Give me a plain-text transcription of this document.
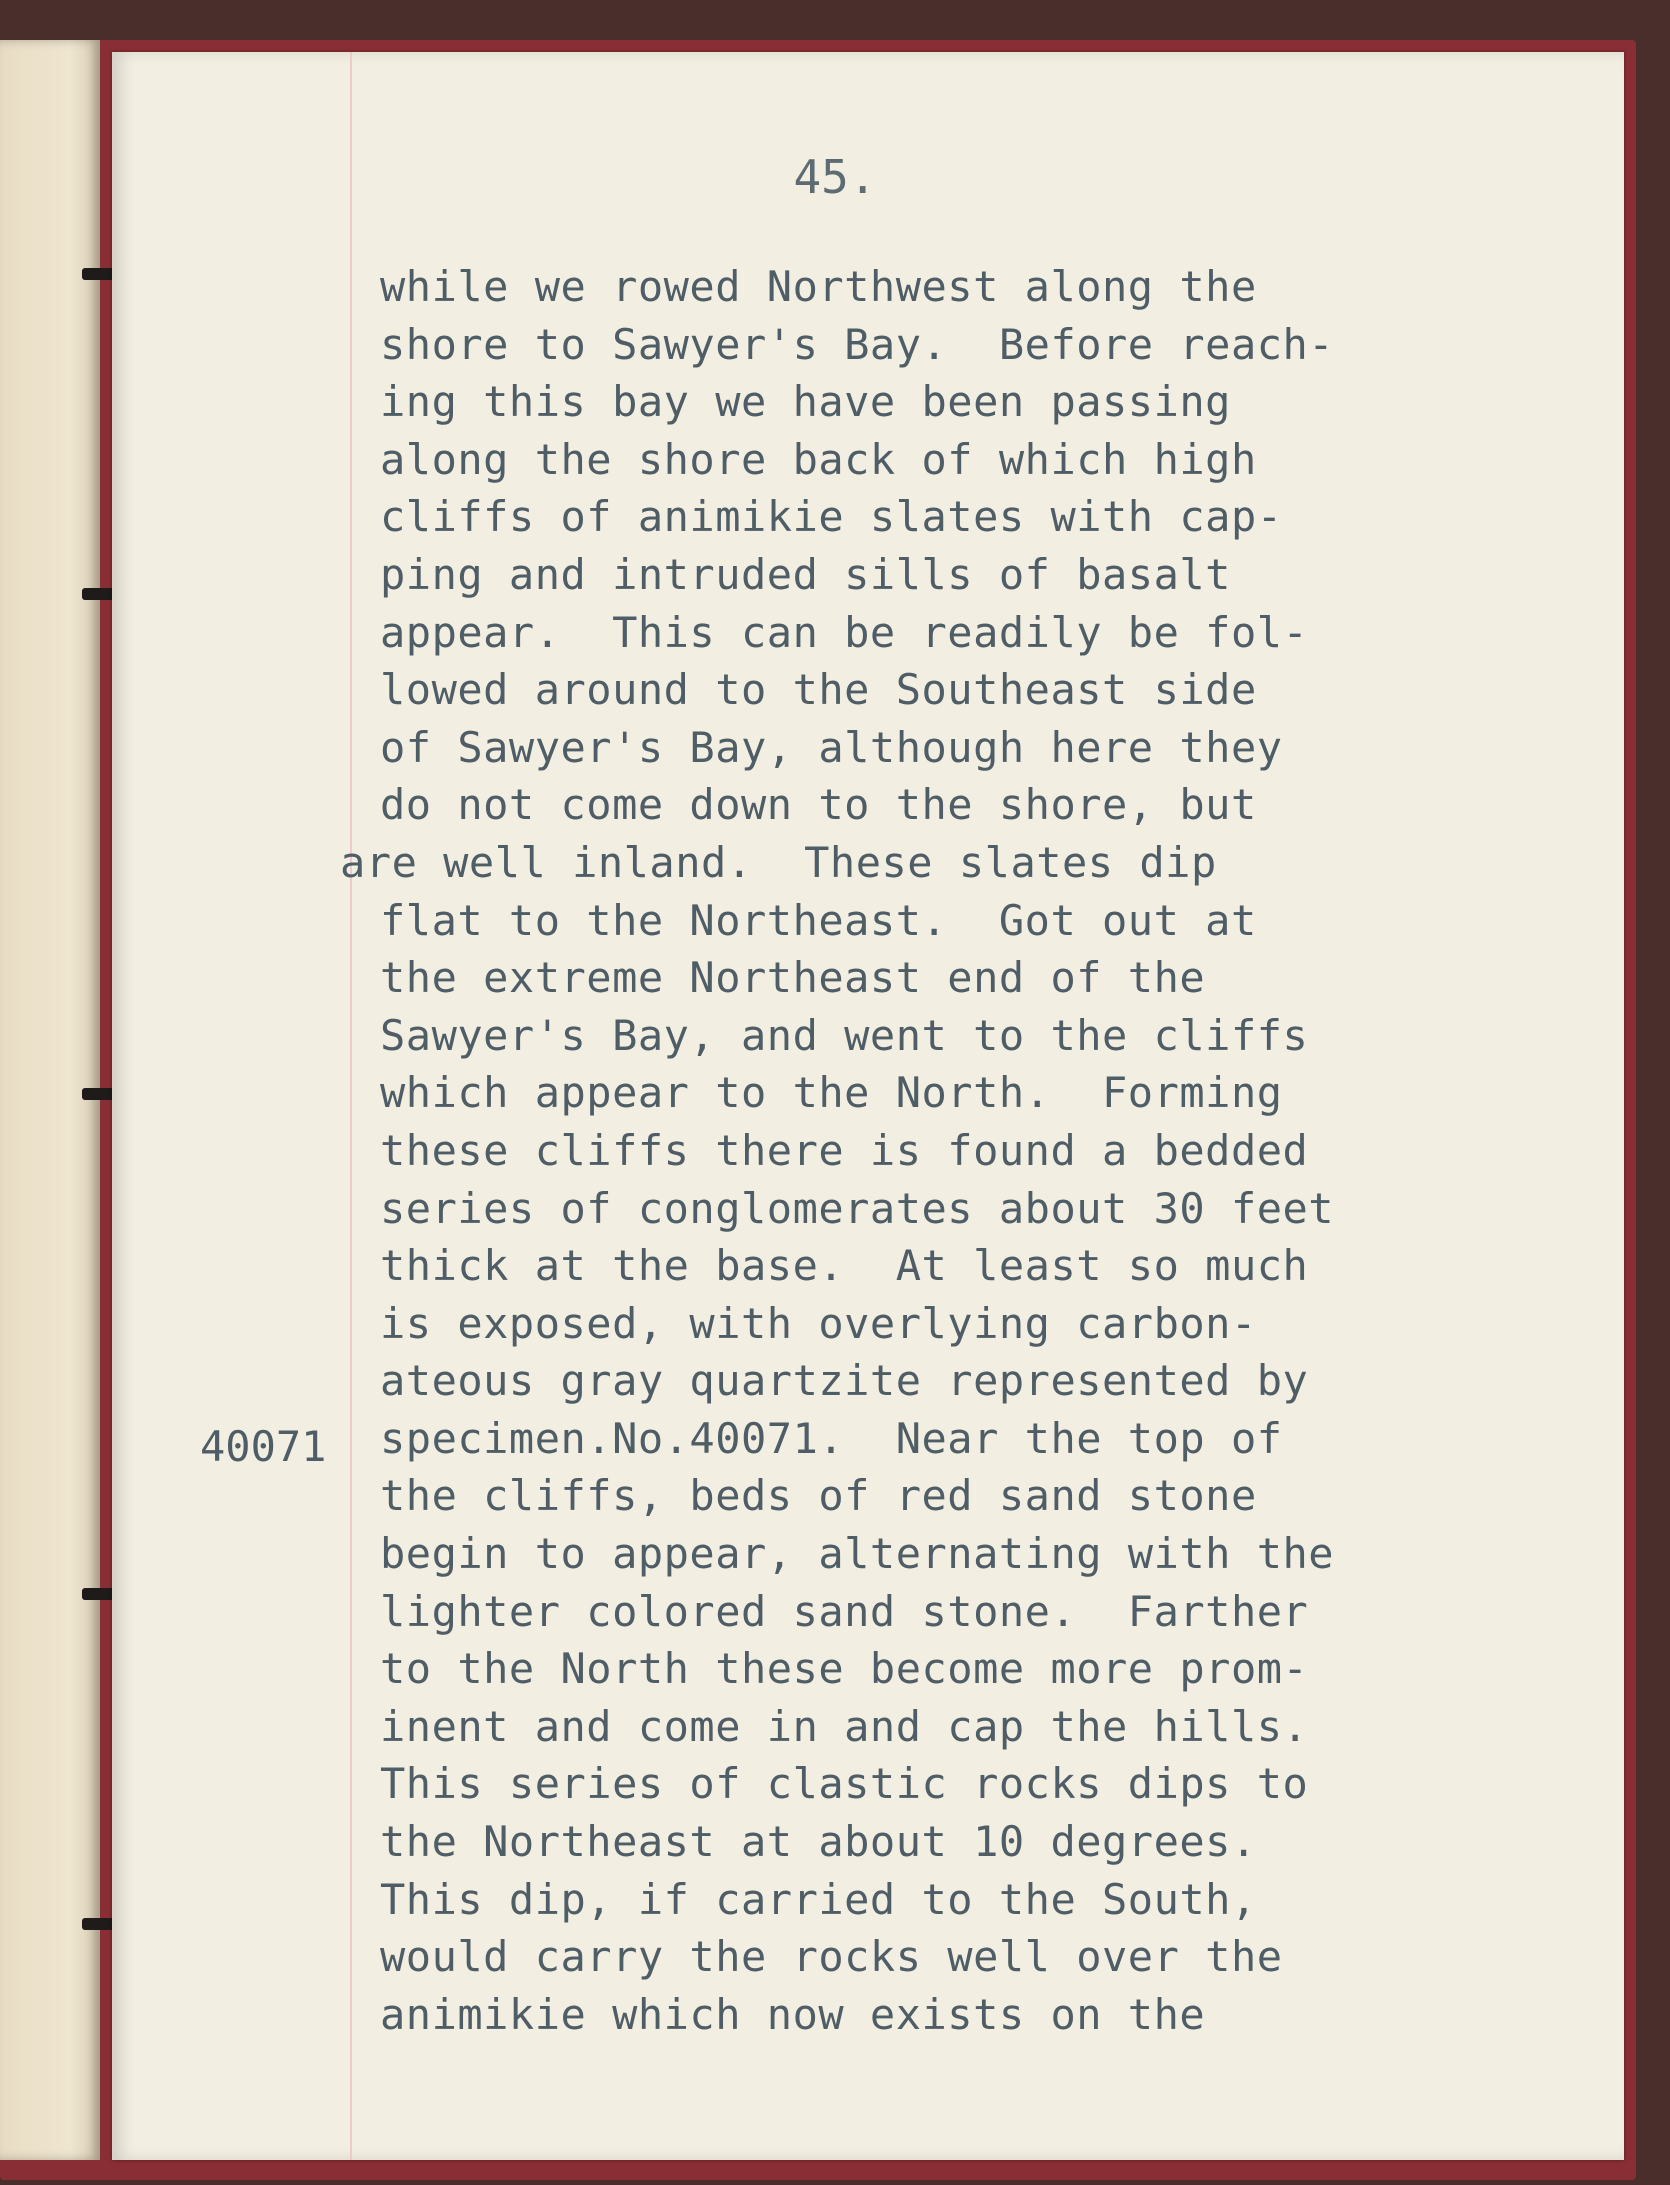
45.
40071
while we rowed Northwest along the
shore to Sawyer's Bay.  Before reach-
ing this bay we have been passing
along the shore back of which high
cliffs of animikie slates with cap-
ping and intruded sills of basalt
appear.  This can be readily be fol-
lowed around to the Southeast side
of Sawyer's Bay, although here they
do not come down to the shore, but
are well inland.  These slates dip
flat to the Northeast.  Got out at
the extreme Northeast end of the
Sawyer's Bay, and went to the cliffs
which appear to the North.  Forming
these cliffs there is found a bedded
series of conglomerates about 30 feet
thick at the base.  At least so much
is exposed, with overlying carbon-
ateous gray quartzite represented by
specimen.No.40071.  Near the top of
the cliffs, beds of red sand stone
begin to appear, alternating with the
lighter colored sand stone.  Farther
to the North these become more prom-
inent and come in and cap the hills.
This series of clastic rocks dips to
the Northeast at about 10 degrees.
This dip, if carried to the South,
would carry the rocks well over the
animikie which now exists on the
